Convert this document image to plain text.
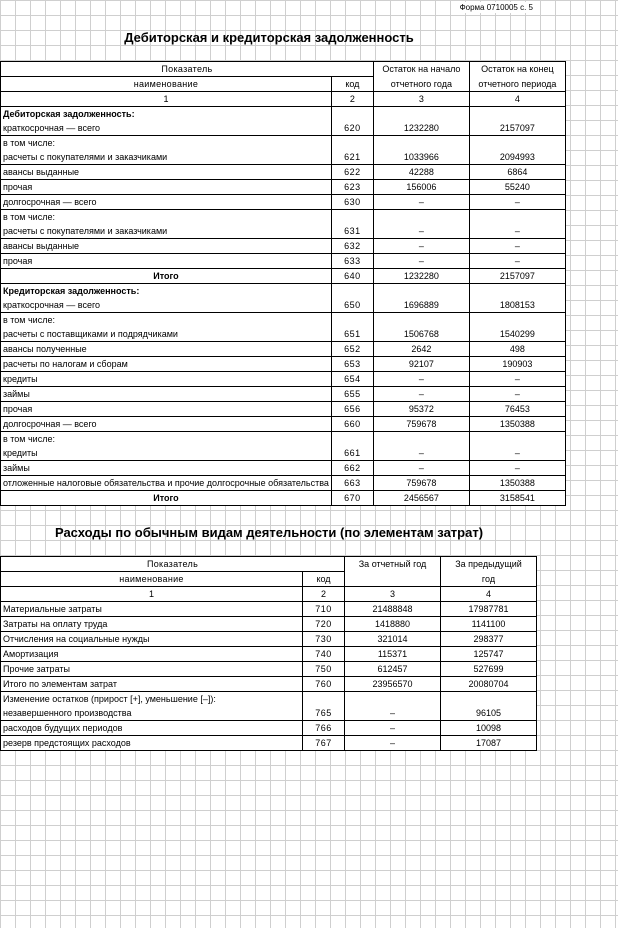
Форма 0710005 с. 5
Дебиторская и кредиторская задолженность
Показатель		Остаток на начало	Остаток на конец
наименование	код	отчетного года	отчетного периода
1	2	3	4
Дебиторская задолженность:			
краткосрочная — всего	620	1232280	2157097
в том числе:			
расчеты с покупателями и заказчиками	621	1033966	2094993
авансы выданные	622	42288	6864
прочая	623	156006	55240
долгосрочная — всего	630	–	–
в том числе:			
расчеты с покупателями и заказчиками	631	–	–
авансы выданные	632	–	–
прочая	633	–	–
Итого	640	1232280	2157097
Кредиторская задолженность:			
краткосрочная — всего	650	1696889	1808153
в том числе:			
расчеты с поставщиками и подрядчиками	651	1506768	1540299
авансы полученные	652	2642	498
расчеты по налогам и сборам	653	92107	190903
кредиты	654	–	–
займы	655	–	–
прочая	656	95372	76453
долгосрочная — всего	660	759678	1350388
в том числе:			
кредиты	661	–	–
займы	662	–	–
отложенные налоговые обязательства и прочие долгосрочные обязательства	663	759678	1350388
Итого	670	2456567	3158541
Расходы по обычным видам деятельности (по элементам затрат)
Показатель		За отчетный год	За предыдущий
наименование	код		год
1	2	3	4
Материальные затраты	710	21488848	17987781
Затраты на оплату труда	720	1418880	1141100
Отчисления на социальные нужды	730	321014	298377
Амортизация	740	115371	125747
Прочие затраты	750	612457	527699
Итого по элементам затрат	760	23956570	20080704
Изменение остатков (прирост [+], уменьшение [–]):			
незавершенного производства	765	–	96105
расходов будущих периодов	766	–	10098
резерв предстоящих расходов	767	–	17087
